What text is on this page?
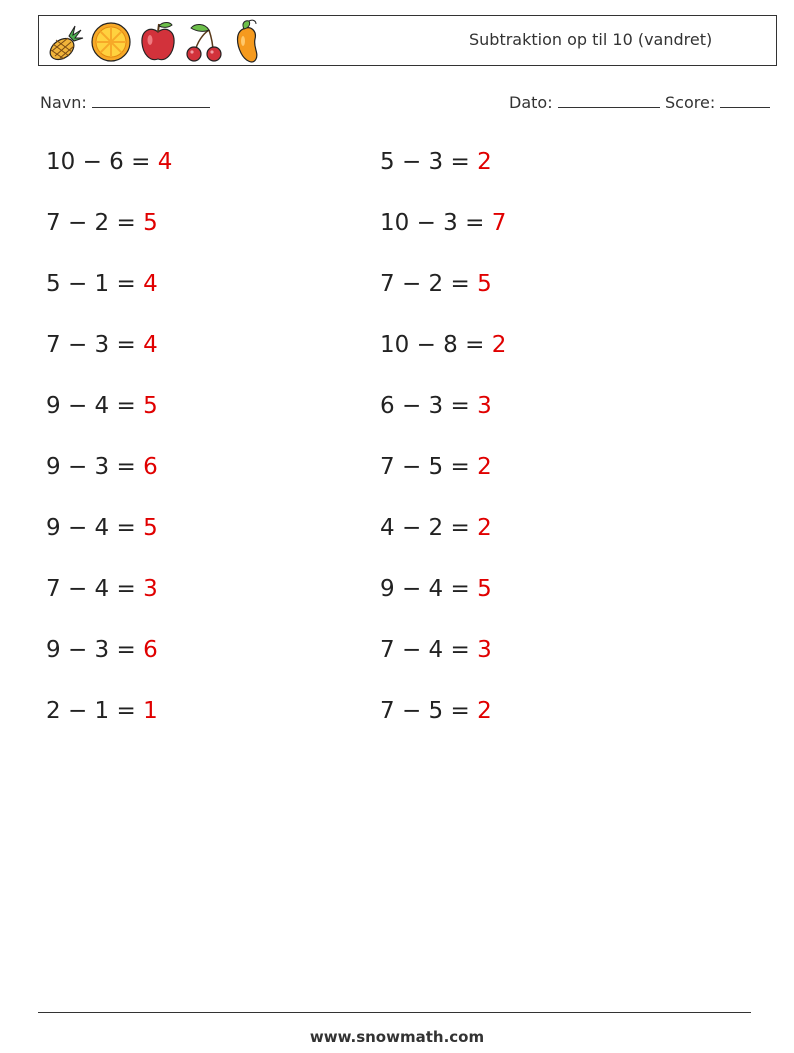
Subtraktion op til 10 (vandret)
Navn:	Dato:	Score:
10 − 6 = 4
7 − 2 = 5
5 − 1 = 4
7 − 3 = 4
9 − 4 = 5
9 − 3 = 6
9 − 4 = 5
7 − 4 = 3
9 − 3 = 6
2 − 1 = 1
5 − 3 = 2
10 − 3 = 7
7 − 2 = 5
10 − 8 = 2
6 − 3 = 3
7 − 5 = 2
4 − 2 = 2
9 − 4 = 5
7 − 4 = 3
7 − 5 = 2
www.snowmath.com
